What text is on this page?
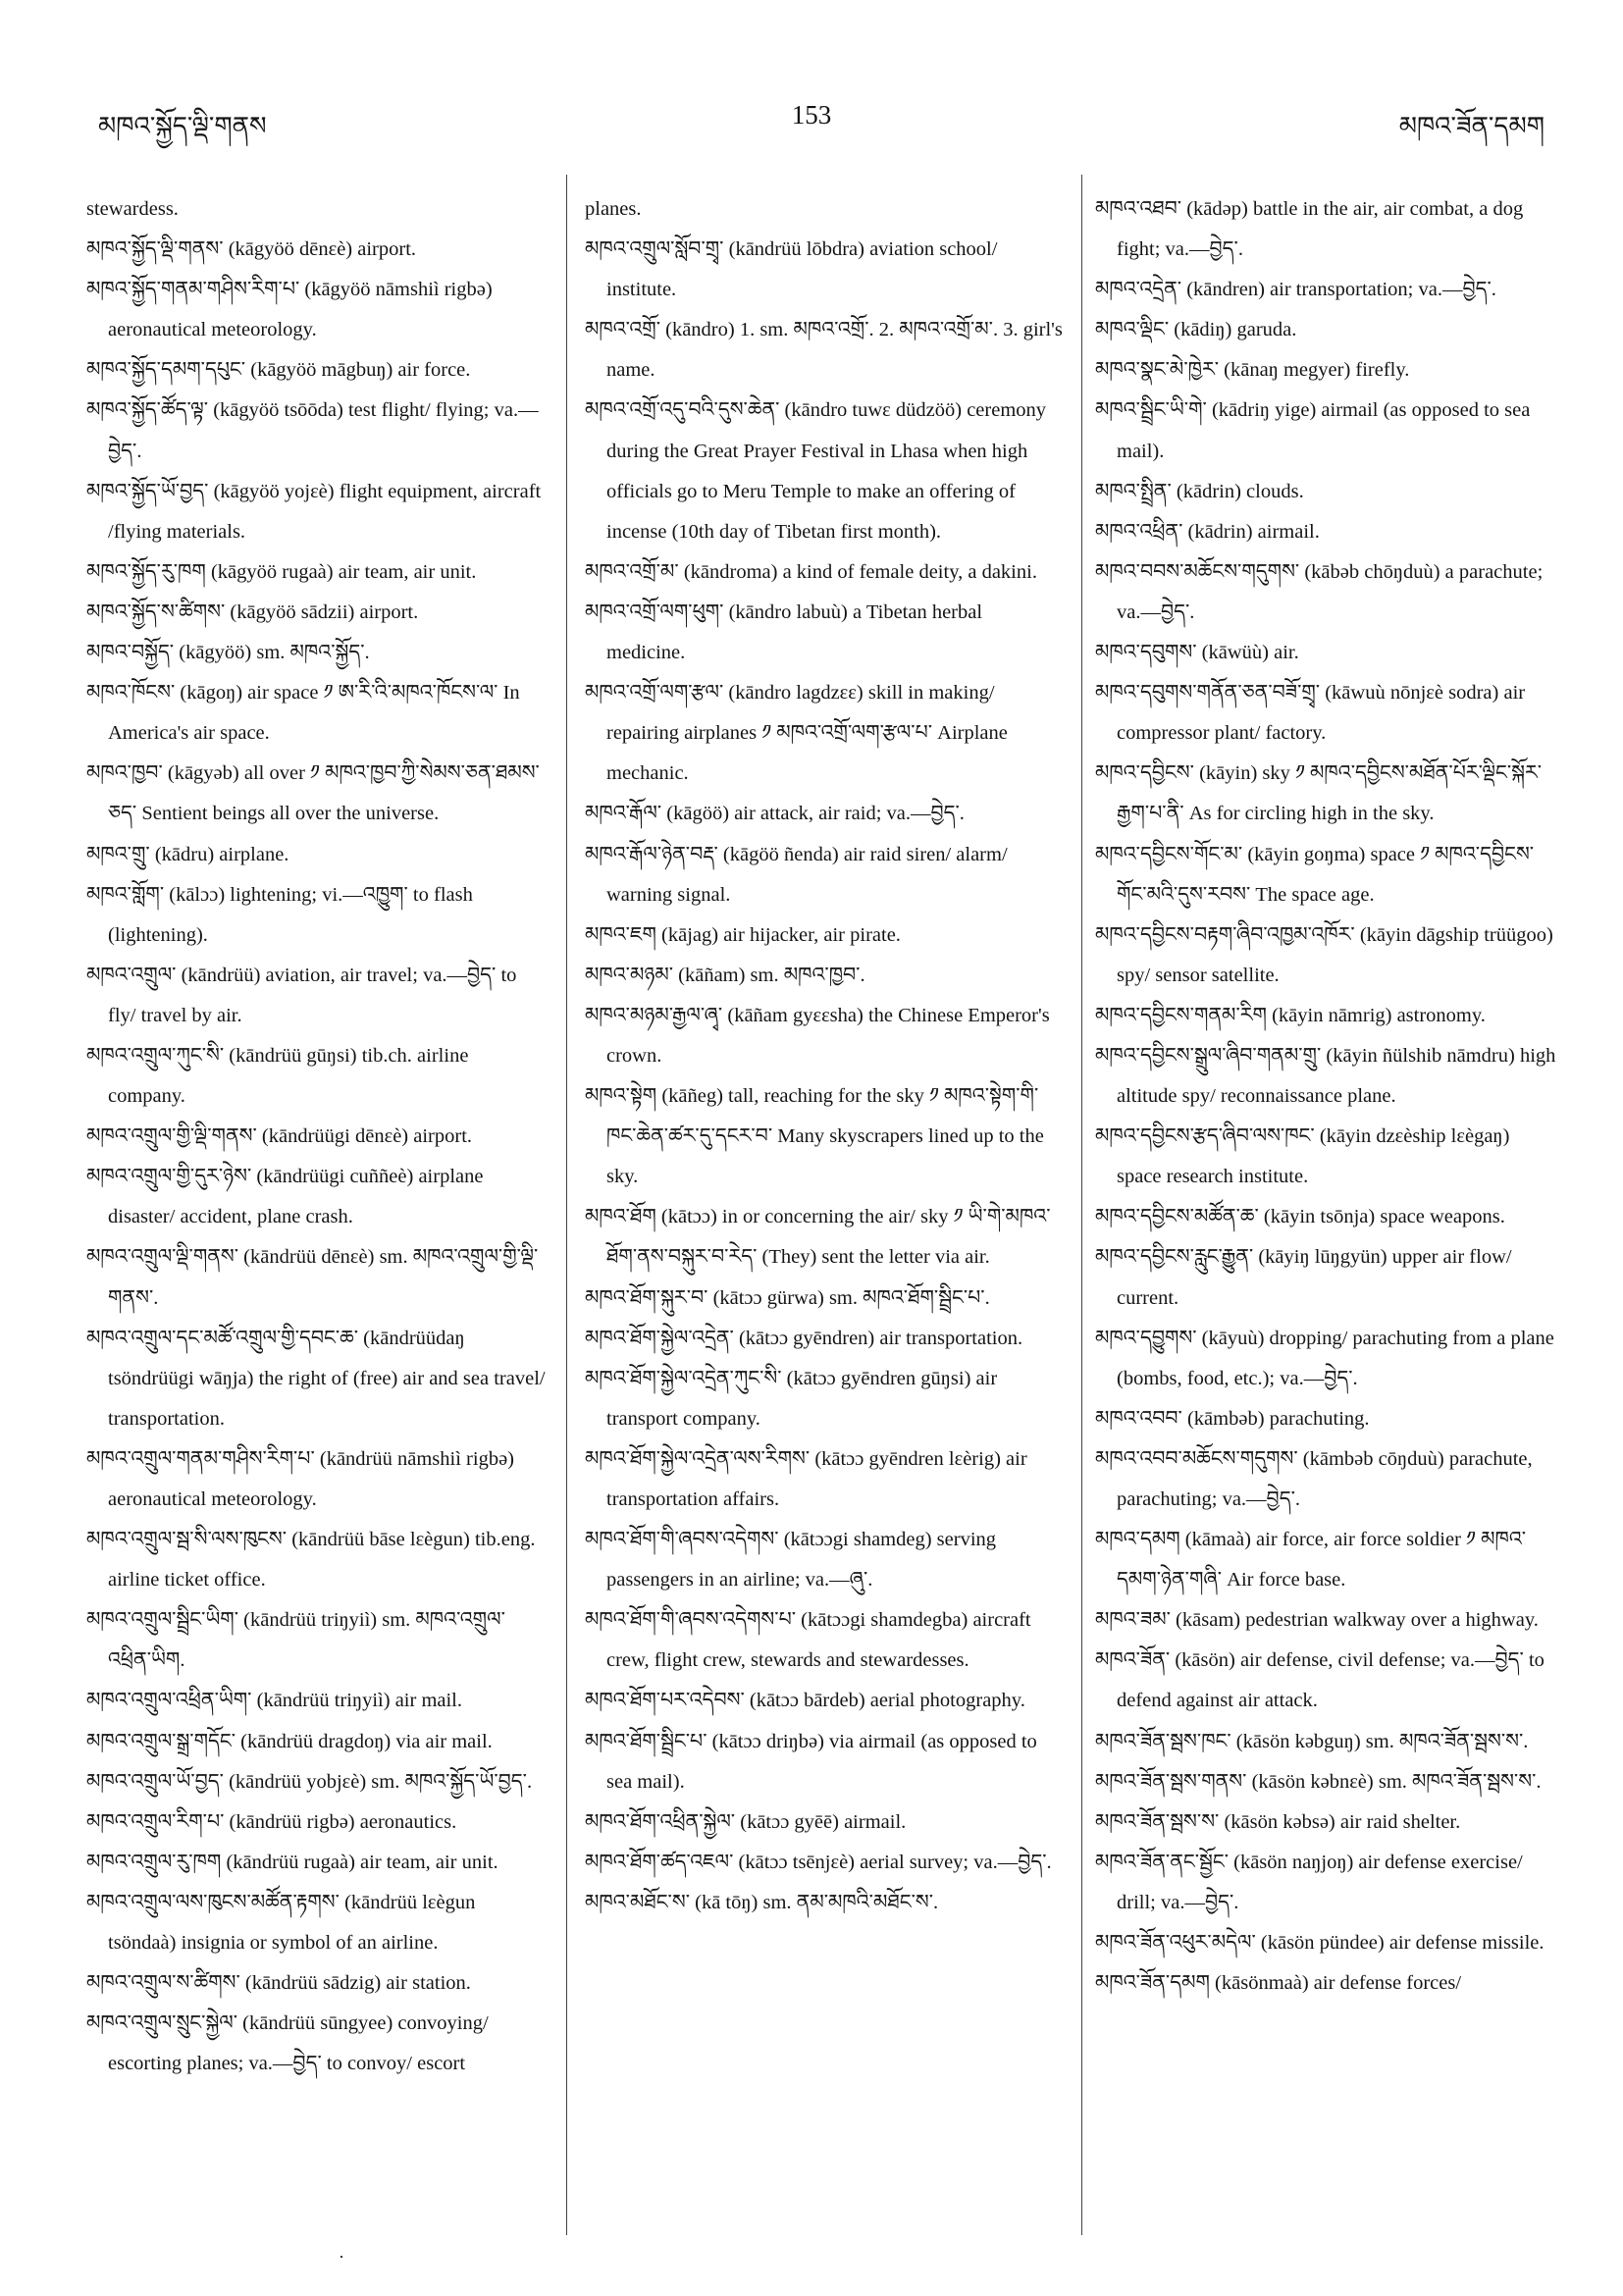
མཁའ་སྐྱོད་ལྡི་གནས	153	མཁའ་ཟོན་དམག

stewardess.

མཁའ་སྐྱོད་ལྡི་གནས་ (kāgyöö dēnεè) airport.

མཁའ་སྐྱོད་གནམ་གཤིས་རིག་པ་ (kāgyöö nāmshiì rigbə) aeronautical meteorology.

མཁའ་སྐྱོད་དམག་དཔུང་ (kāgyöö māgbuŋ) air force.

མཁའ་སྐྱོད་ཚོད་ལྟ་ (kāgyöö tsōōda) test flight/ flying; va.—བྱེད་.

མཁའ་སྐྱོད་ཡོ་བྱད་ (kāgyöö yojεè) flight equipment, aircraft /flying materials.

མཁའ་སྐྱོད་རུ་ཁག (kāgyöö rugaà) air team, air unit.

མཁའ་སྐྱོད་ས་ཚིགས་ (kāgyöö sādzii) airport.

མཁའ་བསྐྱོད་ (kāgyöö) sm. མཁའ་སྐྱོད་.

མཁའ་ཁོངས་ (kāgoŋ) air space ༡ ཨ་རི་འི་མཁའ་ཁོངས་ལ་ In America's air space.

མཁའ་ཁྱབ་ (kāgyəb) all over ༡ མཁའ་ཁྱབ་ཀྱི་སེམས་ཅན་ཐམས་ཅད་ Sentient beings all over the universe.

མཁའ་གྲུ་ (kādru) airplane.

མཁའ་གློག་ (kālɔɔ) lightening; vi.—འཁྱུག་ to flash (lightening).

མཁའ་འགྲུལ་ (kāndrüü) aviation, air travel; va.—བྱེད་ to fly/ travel by air.

མཁའ་འགྲུལ་ཀུང་སི་ (kāndrüü gūŋsi) tib.ch. airline company.

མཁའ་འགྲུལ་གྱི་ལྡི་གནས་ (kāndrüügi dēnεè) airport.

མཁའ་འགྲུལ་གྱི་དུར་ཉེས་ (kāndrüügi cuññeè) airplane disaster/ accident, plane crash.

མཁའ་འགྲུལ་ལྡི་གནས་ (kāndrüü dēnεè) sm. མཁའ་འགྲུལ་གྱི་ལྡི་གནས་.

མཁའ་འགྲུལ་དང་མཚོ་འགྲུལ་གྱི་དབང་ཆ་ (kāndrüüdaŋ tsöndrüügi wāŋja) the right of (free) air and sea travel/ transportation.

མཁའ་འགྲུལ་གནམ་གཤིས་རིག་པ་ (kāndrüü nāmshiì rigbə) aeronautical meteorology.

མཁའ་འགྲུལ་སྦ་སི་ལས་ཁུངས་ (kāndrüü bāse lεègun) tib.eng. airline ticket office.

མཁའ་འགྲུལ་སྦྲིང་ཡིག་ (kāndrüü triŋyiì) sm. མཁའ་འགྲུལ་འཕྲིན་ཡིག.

མཁའ་འགྲུལ་འཕྲིན་ཡིག་ (kāndrüü triŋyiì) air mail.

མཁའ་འགྲུལ་སྒྲ་གདོང་ (kāndrüü dragdoŋ) via air mail.

མཁའ་འགྲུལ་ཡོ་བྱད་ (kāndrüü yobjεè) sm. མཁའ་སྐྱོད་ཡོ་བྱད་.

མཁའ་འགྲུལ་རིག་པ་ (kāndrüü rigbə) aeronautics.

མཁའ་འགྲུལ་རུ་ཁག (kāndrüü rugaà) air team, air unit.

མཁའ་འགྲུལ་ལས་ཁུངས་མཚོན་རྟགས་ (kāndrüü lεègun tsöndaà) insignia or symbol of an airline.

མཁའ་འགྲུལ་ས་ཚིགས་ (kāndrüü sādzig) air station.

མཁའ་འགྲུལ་སྲུང་སྐྱེལ་ (kāndrüü sūngyee) convoying/ escorting planes; va.—བྱེད་ to convoy/ escort

planes.

མཁའ་འགྲུལ་སློབ་གྲྭ་ (kāndrüü lōbdra) aviation school/ institute.

མཁའ་འགྲོ་ (kāndro) 1. sm. མཁའ་འགྲོ་. 2. མཁའ་འགྲོ་མ་. 3. girl's name.

མཁའ་འགྲོ་འདུ་བའི་དུས་ཆེན་ (kāndro tuwε düdzöö) ceremony during the Great Prayer Festival in Lhasa when high officials go to Meru Temple to make an offering of incense (10th day of Tibetan first month).

མཁའ་འགྲོ་མ་ (kāndroma) a kind of female deity, a dakini.

མཁའ་འགྲོ་ལག་ཕུག་ (kāndro labuù) a Tibetan herbal medicine.

མཁའ་འགྲོ་ལག་རྩལ་ (kāndro lagdzεε) skill in making/ repairing airplanes ༡ མཁའ་འགྲོ་ལག་རྩལ་པ་ Airplane mechanic.

མཁའ་རྒོལ་ (kāgöö) air attack, air raid; va.—བྱེད་.

མཁའ་རྒོལ་ཉེན་བརྡ་ (kāgöö ñenda) air raid siren/ alarm/ warning signal.

མཁའ་ཇག (kājag) air hijacker, air pirate.

མཁའ་མཉམ་ (kāñam) sm. མཁའ་ཁྱབ་.

མཁའ་མཉམ་རྒྱལ་ཞྭ་ (kāñam gyεεsha) the Chinese Emperor's crown.

མཁའ་སྟེག (kāñeg) tall, reaching for the sky ༡ མཁའ་སྟེག་གི་ཁང་ཆེན་ཚར་དུ་དངར་བ་ Many skyscrapers lined up to the sky.

མཁའ་ཐོག (kātɔɔ) in or concerning the air/ sky ༡ ཡི་གེ་མཁའ་ཐོག་ནས་བསྐུར་བ་རེད་ (They) sent the letter via air.

མཁའ་ཐོག་སྐུར་བ་ (kātɔɔ gürwa) sm. མཁའ་ཐོག་སྦྲིང་པ་.

མཁའ་ཐོག་སྐྱེལ་འདྲེན་ (kātɔɔ gyēndren) air transportation.

མཁའ་ཐོག་སྐྱེལ་འདྲེན་ཀུང་སི་ (kātɔɔ gyēndren gūŋsi) air transport company.

མཁའ་ཐོག་སྐྱེལ་འདྲེན་ལས་རིགས་ (kātɔɔ gyēndren lεèrig) air transportation affairs.

མཁའ་ཐོག་གི་ཞབས་འདེགས་ (kātɔɔgi shamdeg) serving passengers in an airline; va.—ཞུ་.

མཁའ་ཐོག་གི་ཞབས་འདེགས་པ་ (kātɔɔgi shamdegba) aircraft crew, flight crew, stewards and stewardesses.

མཁའ་ཐོག་པར་འདེབས་ (kātɔɔ bārdeb) aerial photography.

མཁའ་ཐོག་སྦྲིང་པ་ (kātɔɔ driŋbə) via airmail (as opposed to sea mail).

མཁའ་ཐོག་འཕྲིན་སྐྱེལ་ (kātɔɔ gyēē) airmail.

མཁའ་ཐོག་ཚད་འཇལ་ (kātɔɔ tsēnjεè) aerial survey; va.—བྱེད་.

མཁའ་མཐོང་ས་ (kā tōŋ) sm. ནམ་མཁའི་མཐོང་ས་.

མཁའ་འཐབ་ (kādəp) battle in the air, air combat, a dog fight; va.—བྱེད་.

མཁའ་འདྲེན་ (kāndren) air transportation; va.—བྱེད་.

མཁའ་ལྡིང་ (kādiŋ) garuda.

མཁའ་སྣང་མེ་ཁྱེར་ (kānaŋ megyer) firefly.

མཁའ་སྦྲིང་ཡི་གེ་ (kādriŋ yige) airmail (as opposed to sea mail).

མཁའ་སྤྲིན་ (kādrin) clouds.

མཁའ་འཕྲིན་ (kādrin) airmail.

མཁའ་བབས་མཆོངས་གདུགས་ (kābəb chōŋduù) a parachute; va.—བྱེད་.

མཁའ་དབུགས་ (kāwüù) air.

མཁའ་དབུགས་གནོན་ཅན་བཟོ་གྲྭ་ (kāwuù nōnjεè sodra) air compressor plant/ factory.

མཁའ་དབྱིངས་ (kāyin) sky ༡ མཁའ་དབྱིངས་མཐོན་པོར་ལྡིང་སྐོར་རྒྱག་པ་ནི་ As for circling high in the sky.

མཁའ་དབྱིངས་གོང་མ་ (kāyin goŋma) space ༡ མཁའ་དབྱིངས་གོང་མའི་དུས་རབས་ The space age.

མཁའ་དབྱིངས་བརྟག་ཞིབ་འཁྱམ་འཁོར་ (kāyin dāgship trüügoo) spy/ sensor satellite.

མཁའ་དབྱིངས་གནམ་རིག (kāyin nāmrig) astronomy.

མཁའ་དབྱིངས་སྒྲུལ་ཞིབ་གནམ་གྲུ་ (kāyin ñülshib nāmdru) high altitude spy/ reconnaissance plane.

མཁའ་དབྱིངས་རྩད་ཞིབ་ལས་ཁང་ (kāyin dzεèship lεègaŋ) space research institute.

མཁའ་དབྱིངས་མཚོན་ཆ་ (kāyin tsōnja) space weapons.

མཁའ་དབྱིངས་རླུང་རྒྱུན་ (kāyiŋ lūŋgyün) upper air flow/ current.

མཁའ་དབྱུགས་ (kāyuù) dropping/ parachuting from a plane (bombs, food, etc.); va.—བྱེད་.

མཁའ་འབབ་ (kāmbəb) parachuting.

མཁའ་འབབ་མཆོངས་གདུགས་ (kāmbəb cōŋduù) parachute, parachuting; va.—བྱེད་.

མཁའ་དམག (kāmaà) air force, air force soldier ༡ མཁའ་དམག་ཉེན་གཞི་ Air force base.

མཁའ་ཟམ་ (kāsam) pedestrian walkway over a highway.

མཁའ་ཟོན་ (kāsön) air defense, civil defense; va.—བྱེད་ to defend against air attack.

མཁའ་ཟོན་སྦས་ཁང་ (kāsön kəbguŋ) sm. མཁའ་ཟོན་སྦས་ས་.

མཁའ་ཟོན་སྦས་གནས་ (kāsön kəbnεè) sm. མཁའ་ཟོན་སྦས་ས་.

མཁའ་ཟོན་སྦས་ས་ (kāsön kəbsə) air raid shelter.

མཁའ་ཟོན་ནང་སྦྱོང་ (kāsön naŋjoŋ) air defense exercise/ drill; va.—བྱེད་.

མཁའ་ཟོན་འཕུར་མདེལ་ (kāsön pündee) air defense missile.

མཁའ་ཟོན་དམག (kāsönmaà) air defense forces/

·
